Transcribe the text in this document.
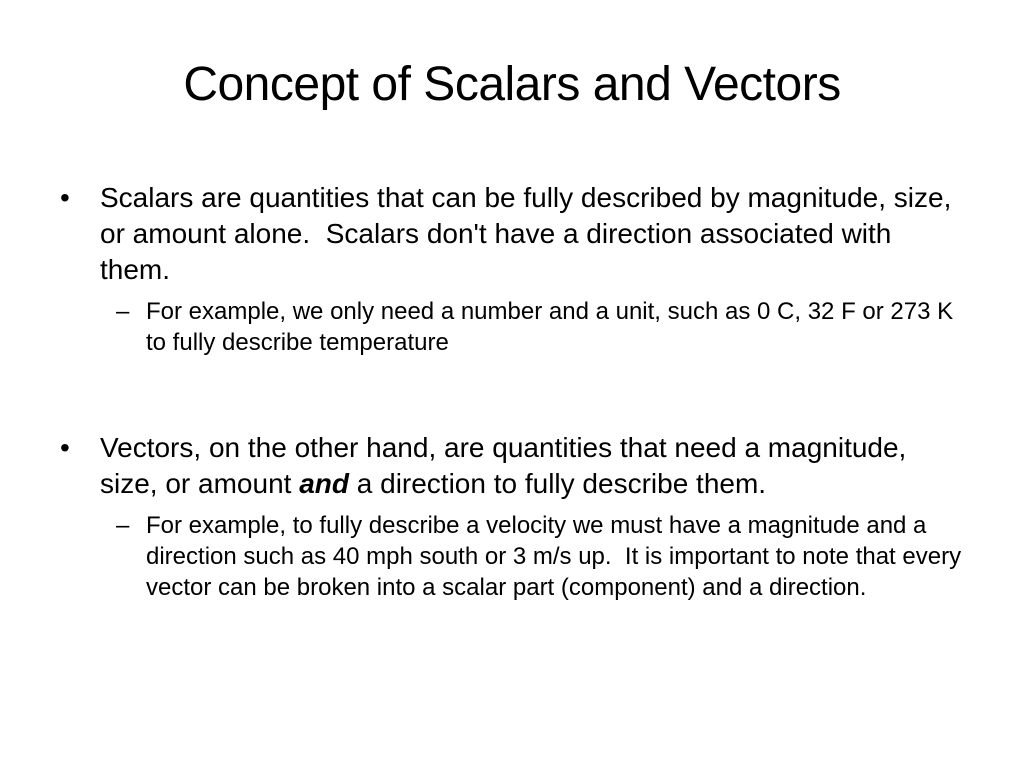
Concept of Scalars and Vectors
•	Scalars are quantities that can be fully described by magnitude, size, or amount alone.  Scalars don't have a direction associated with them.
– For example, we only need a number and a unit, such as 0 C, 32 F or 273 K to fully describe temperature
•	Vectors, on the other hand, are quantities that need a magnitude, size, or amount and a direction to fully describe them.
– For example, to fully describe a velocity we must have a magnitude and a direction such as 40 mph south or 3 m/s up.  It is important to note that every vector can be broken into a scalar part (component) and a direction.
